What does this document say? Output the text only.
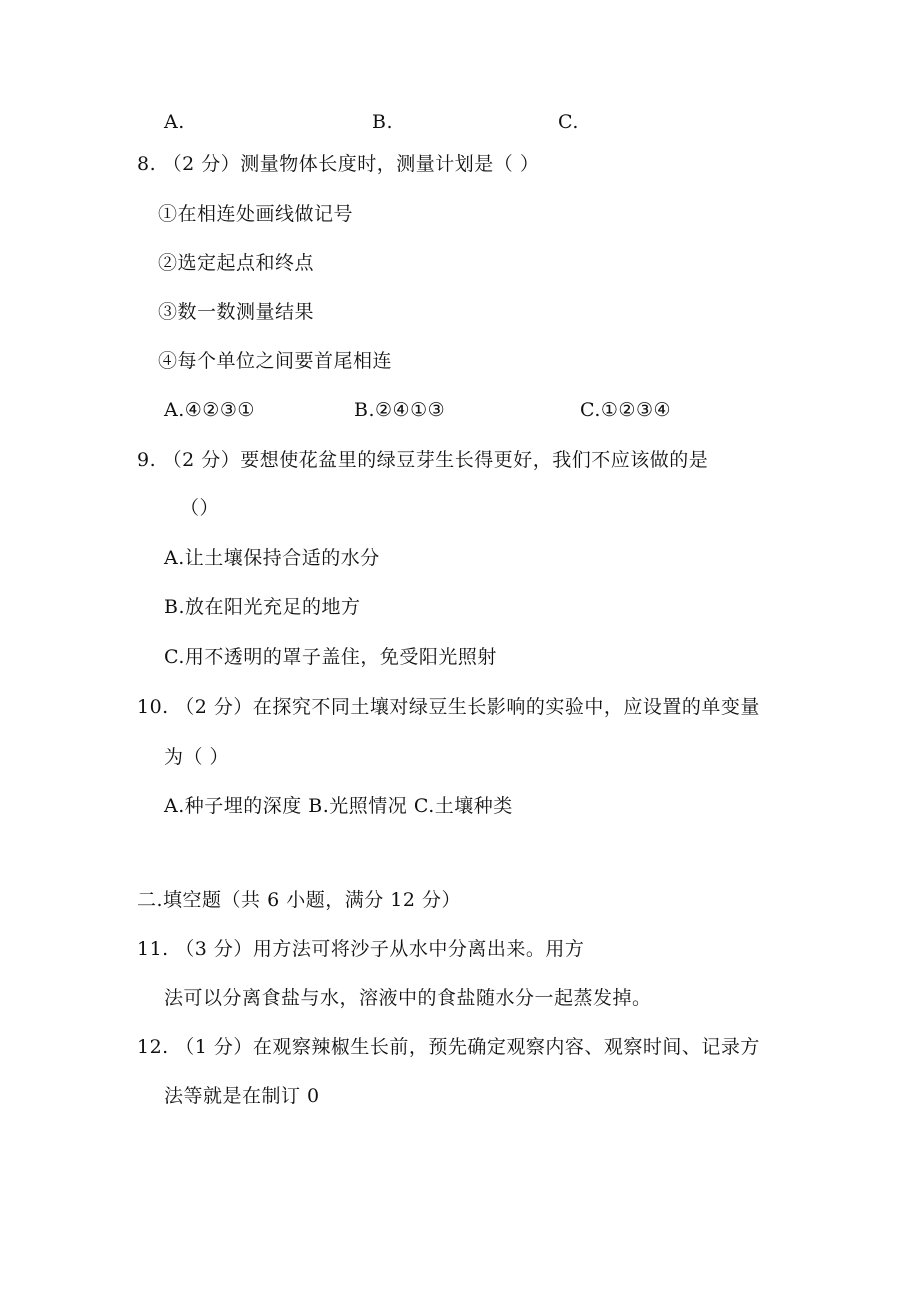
A.	B.	C.
8. （2 分）测量物体长度时，测量计划是（ ）
①在相连处画线做记号
②选定起点和终点
③数一数测量结果
④每个单位之间要首尾相连
A.④②③①	B.②④①③	C.①②③④
9. （2 分）要想使花盆里的绿豆芽生长得更好，我们不应该做的是
（）
A.让土壤保持合适的水分
B.放在阳光充足的地方
C.用不透明的罩子盖住，免受阳光照射
10. （2 分）在探究不同土壤对绿豆生长影响的实验中，应设置的单变量
为（ ）
A.种子埋的深度 B.光照情况 C.土壤种类
二.填空题（共 6 小题，满分 12 分）
11. （3 分）用方法可将沙子从水中分离出来。用方
法可以分离食盐与水，溶液中的食盐随水分一起蒸发掉。
12. （1 分）在观察辣椒生长前，预先确定观察内容、观察时间、记录方
法等就是在制订 0
